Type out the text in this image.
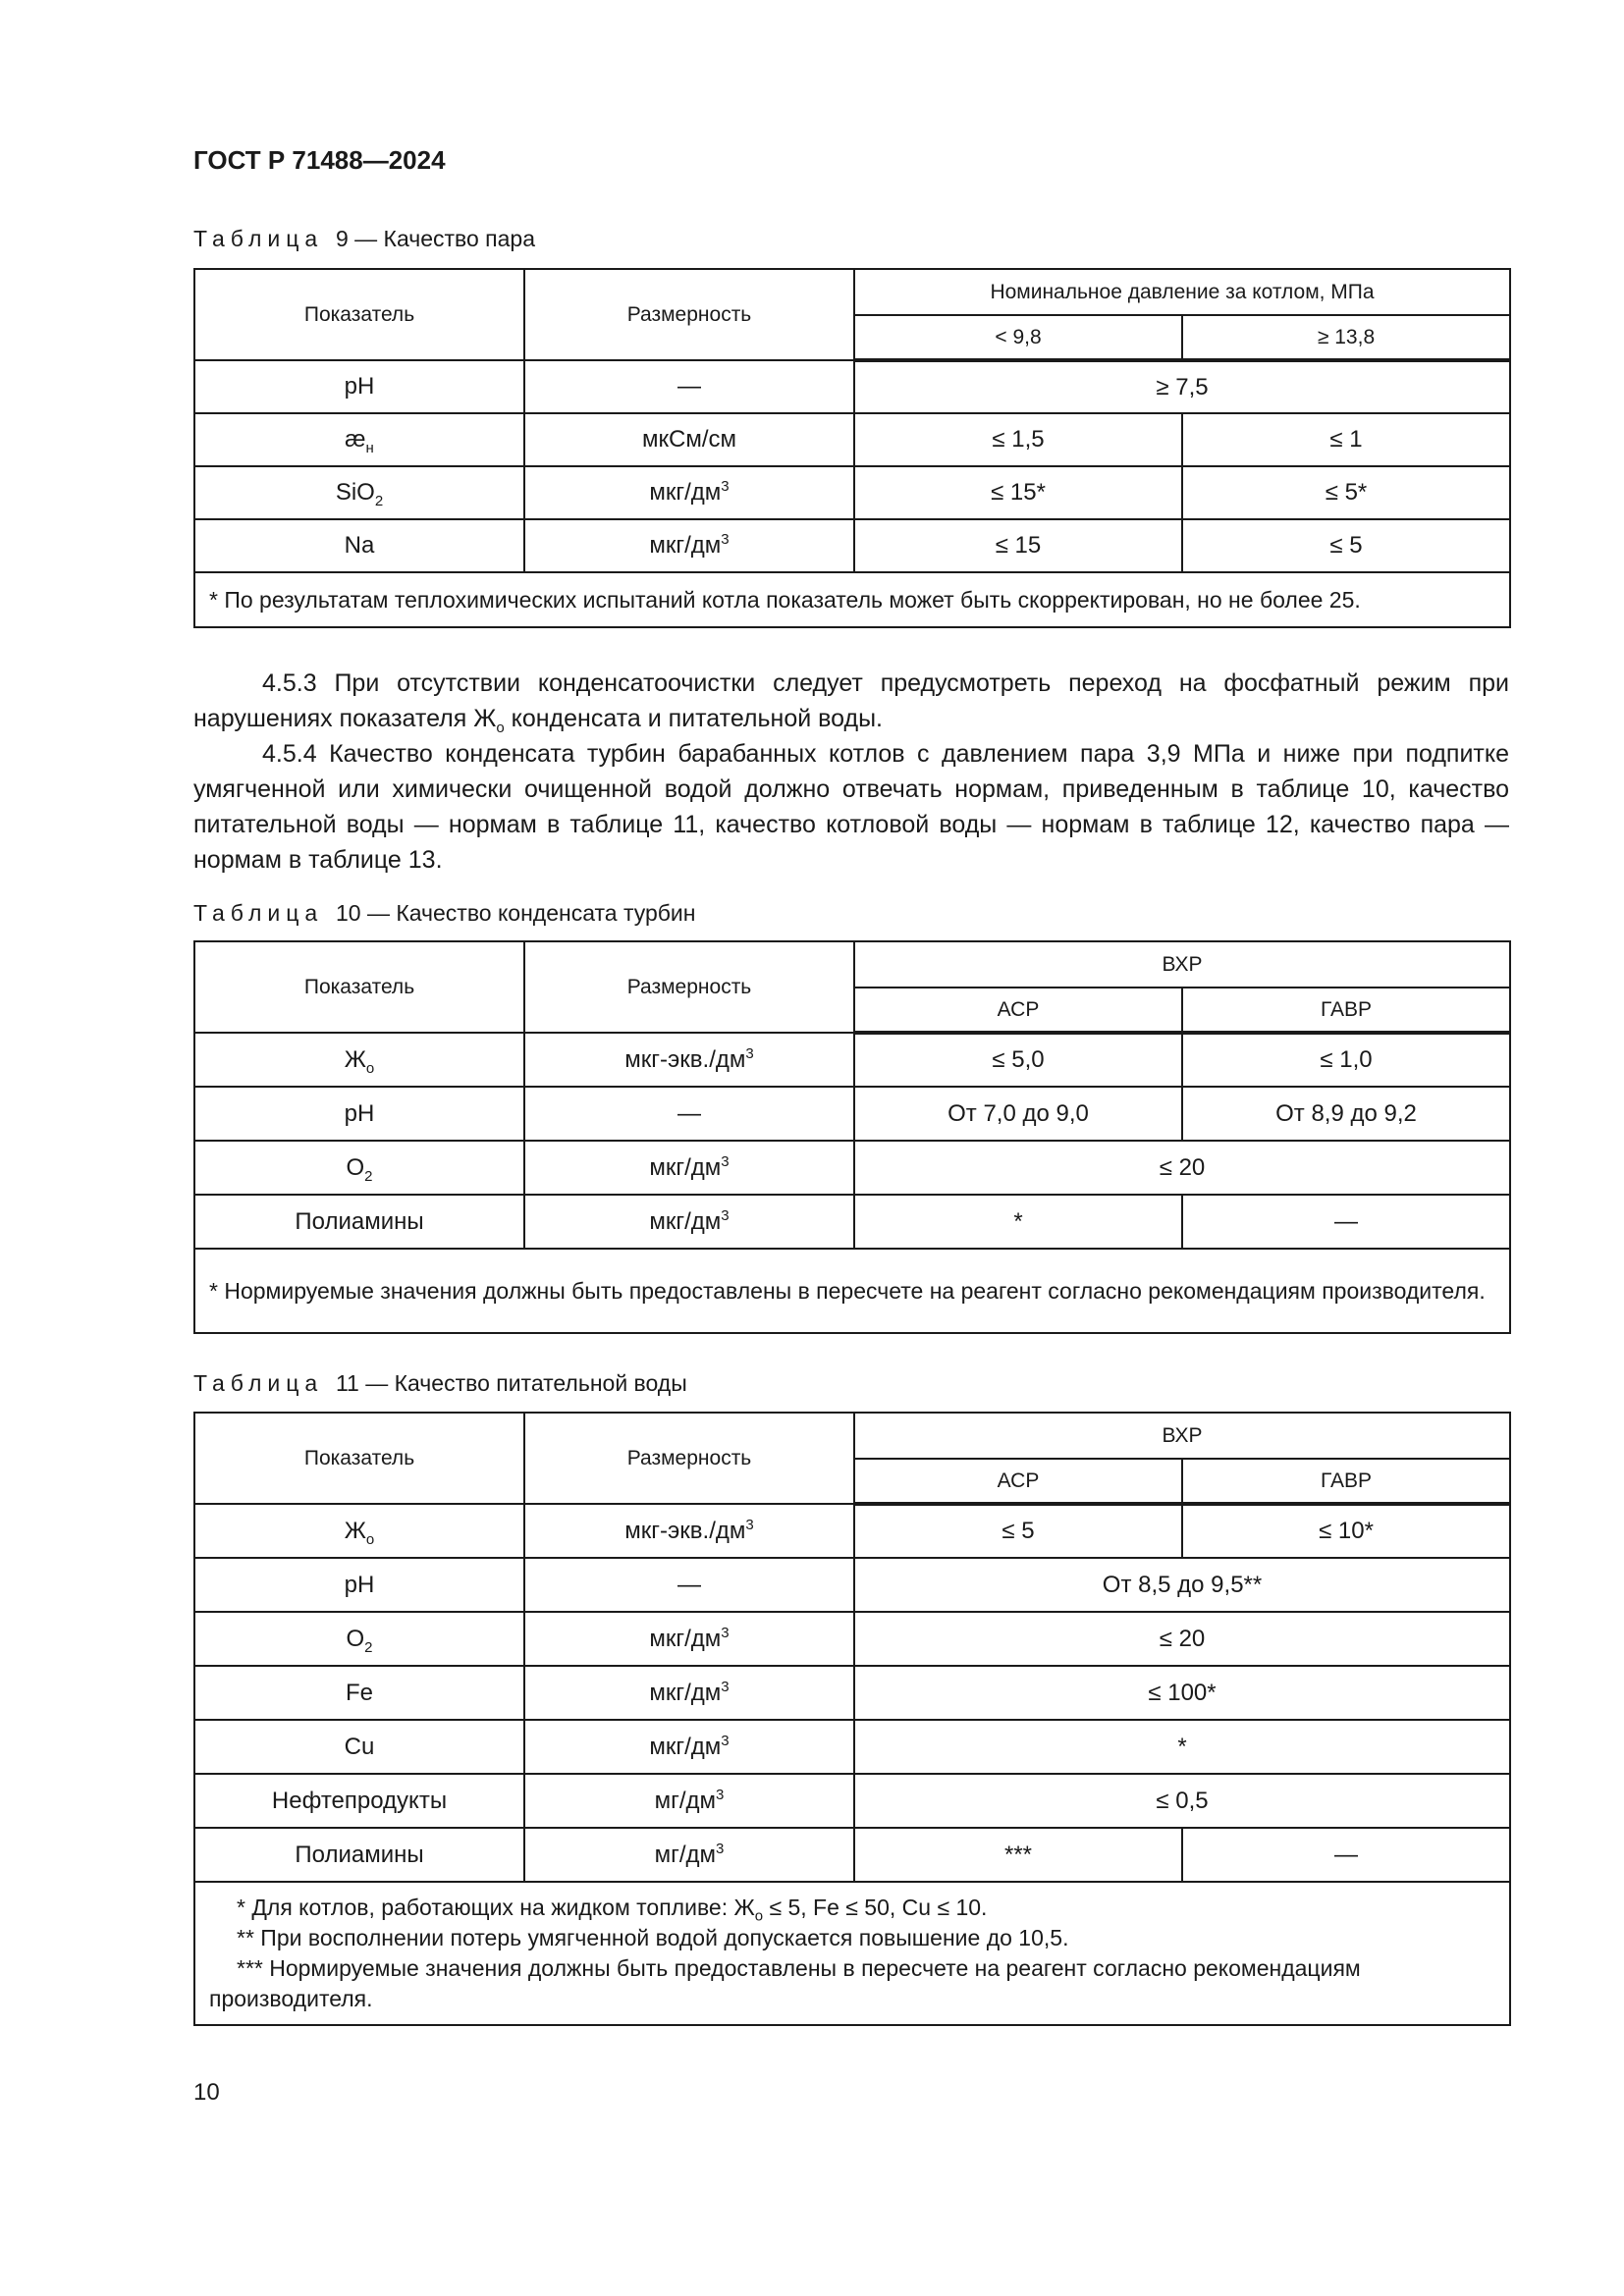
ГОСТ Р 71488—2024
Таблица 9 — Качество пара
Показатель	Размерность	Номинальное давление за котлом, МПа	
		< 9,8	≥ 13,8
pH	—	≥ 7,5	
$æ_н$	мкСм/см	≤ 1,5	≤ 1
SiO$_2$	мкг/$дм^3$	≤ 15*	≤ 5*
Na	мкг/$дм^3$	≤ 15	≤ 5
* По результатам теплохимических испытаний котла показатель может быть скорректирован, но не более 25.			

4.5.3 При отсутствии конденсатоочистки следует предусмотреть переход на фосфатный режим при нарушениях показателя $Ж_о$ конденсата и питательной воды.

4.5.4 Качество конденсата турбин барабанных котлов с давлением пара 3,9 МПа и ниже при подпитке умягченной или химически очищенной водой должно отвечать нормам, приведенным в таблице 10, качество питательной воды — нормам в таблице 11, качество котловой воды — нормам в таблице 12, качество пара — нормам в таблице 13.

Таблица 10 — Качество конденсата турбин
Показатель	Размерность	ВХР	
		АСР	ГАВР
$Ж_о$	мкг-$экв./дм^3$	≤ 5,0	≤ 1,0
pH	—	От 7,0 до 9,0	От 8,9 до 9,2
$O_2$	мкг/$дм^3$	≤ 20	
Полиамины	мкг/$дм^3$	*	—
* Нормируемые значения должны быть предоставлены в пересчете на реагент согласно рекомендациям производителя.			
Таблица 11 — Качество питательной воды
Показатель	Размерность	ВХР	
		АСР	ГАВР
$Ж_о$	мкг-$экв./дм^3$	≤ 5	≤ 10*
pH	—	От 8,5 до 9,5**	
$O_2$	мкг/$дм^3$	≤ 20	
Fe	мкг/$дм^3$	≤ 100*	
Cu	мкг/$дм^3$	*	
Нефтепродукты	$мг/дм^3$	≤ 0,5	
Полиамины	$мг/дм^3$	***	—

* Для котлов, работающих на жидком топливе: $Ж_о \le 5$, Fe ≤ 50, Cu ≤ 10.
** При восполнении потерь умягченной водой допускается повышение до 10,5.
*** Нормируемые значения должны быть предоставлены в пересчете на реагент согласно рекомендациям производителя.			
10
